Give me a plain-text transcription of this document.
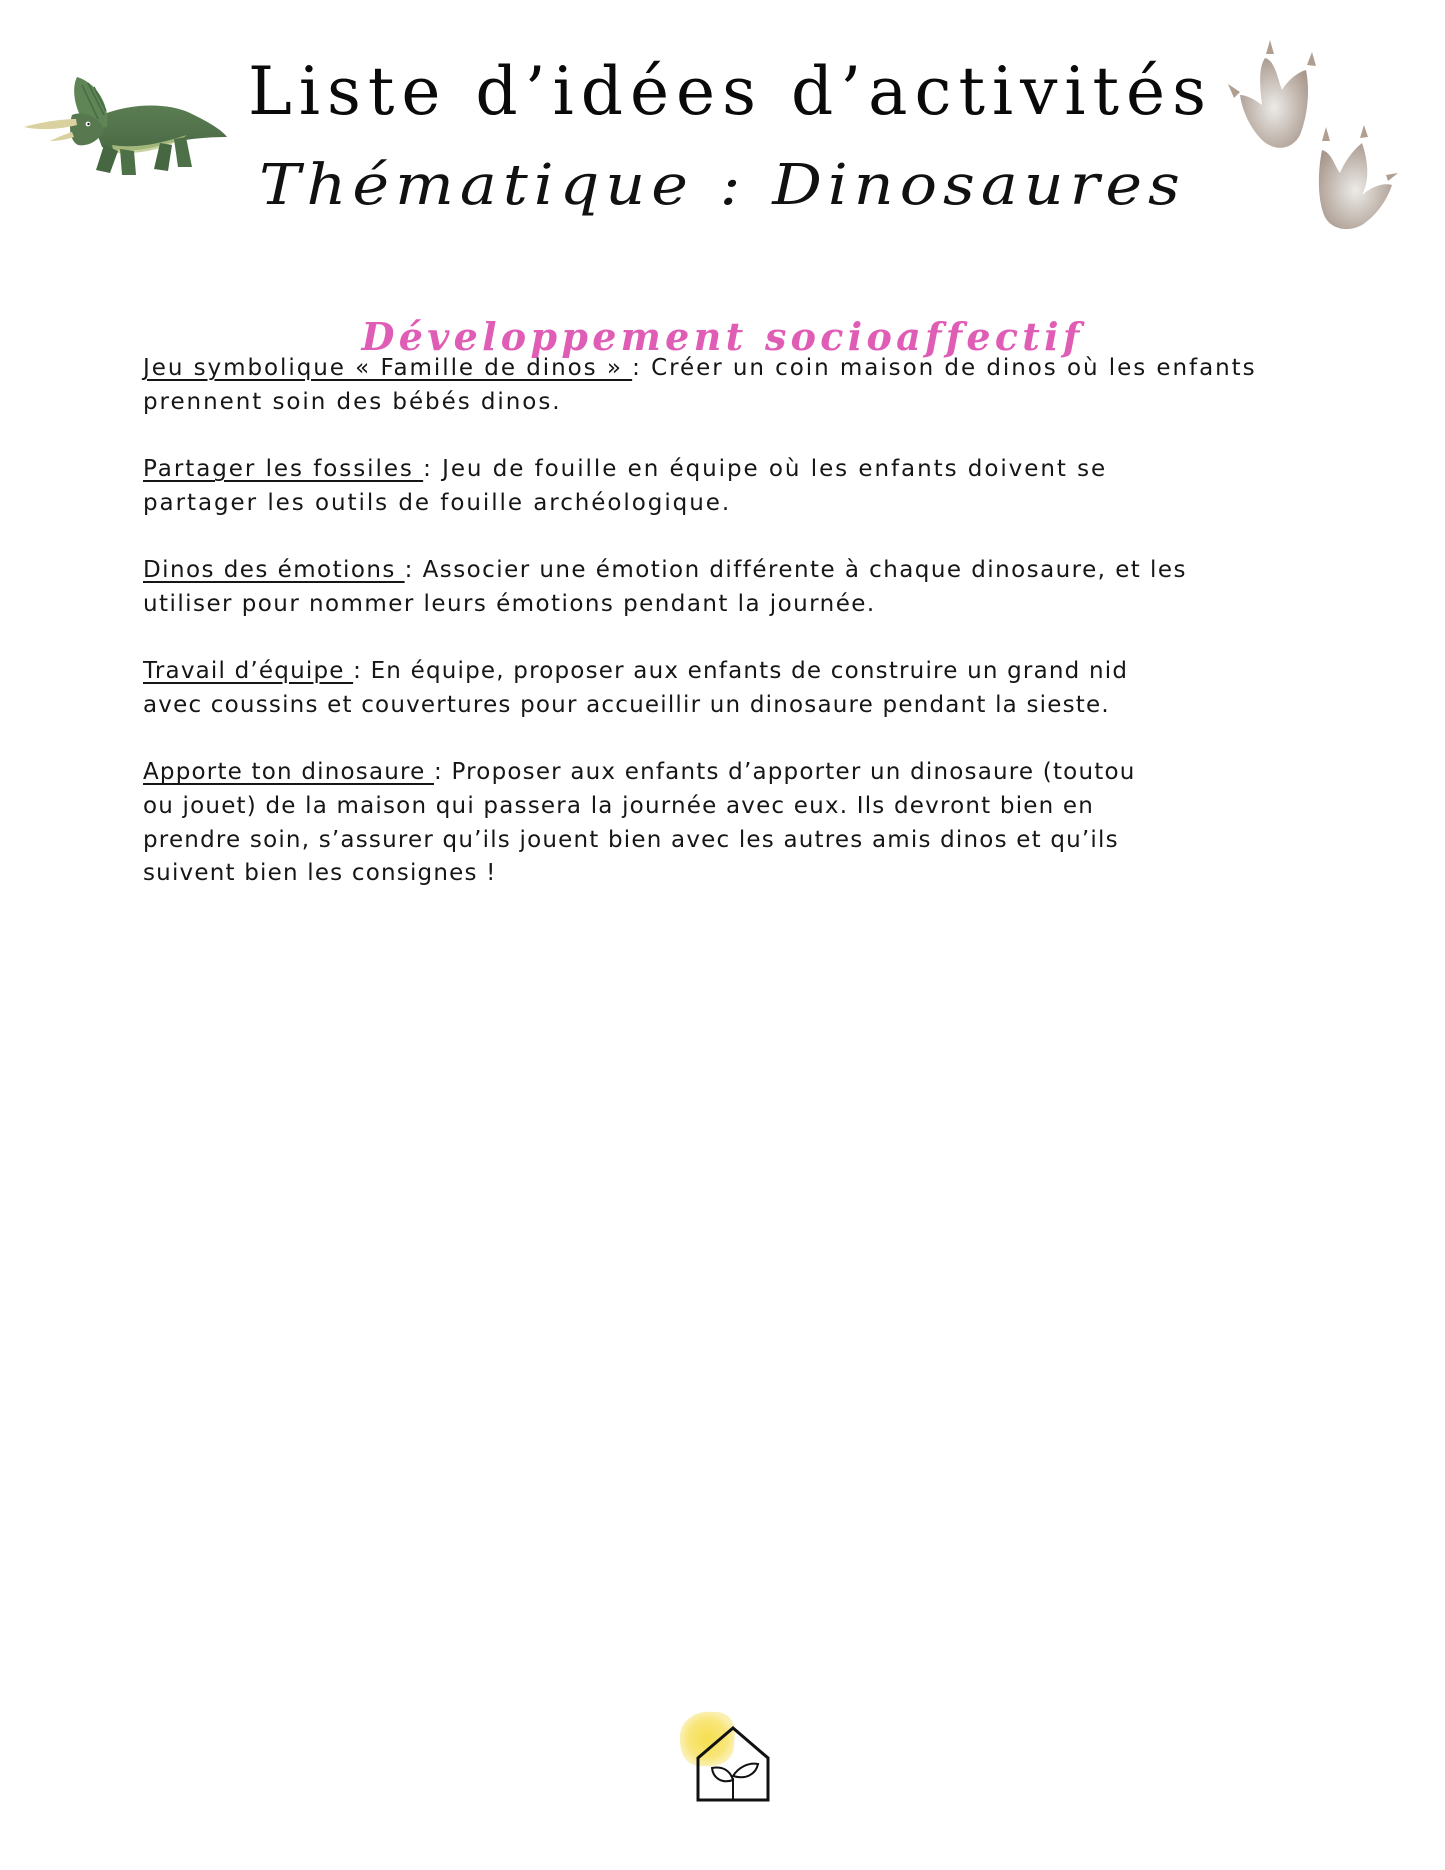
Liste d’idées d’activités
Thématique : Dinosaures
Développement socioaffectif

Jeu symbolique « Famille de dinos » : Créer un coin maison de dinos où les enfants
prennent soin des bébés dinos.

Partager les fossiles : Jeu de fouille en équipe où les enfants doivent se
partager les outils de fouille archéologique.

Dinos des émotions : Associer une émotion différente à chaque dinosaure, et les
utiliser pour nommer leurs émotions pendant la journée.

Travail d’équipe : En équipe, proposer aux enfants de construire un grand nid
avec coussins et couvertures pour accueillir un dinosaure pendant la sieste.

Apporte ton dinosaure : Proposer aux enfants d’apporter un dinosaure (toutou
ou jouet) de la maison qui passera la journée avec eux. Ils devront bien en
prendre soin, s’assurer qu’ils jouent bien avec les autres amis dinos et qu’ils
suivent bien les consignes !
